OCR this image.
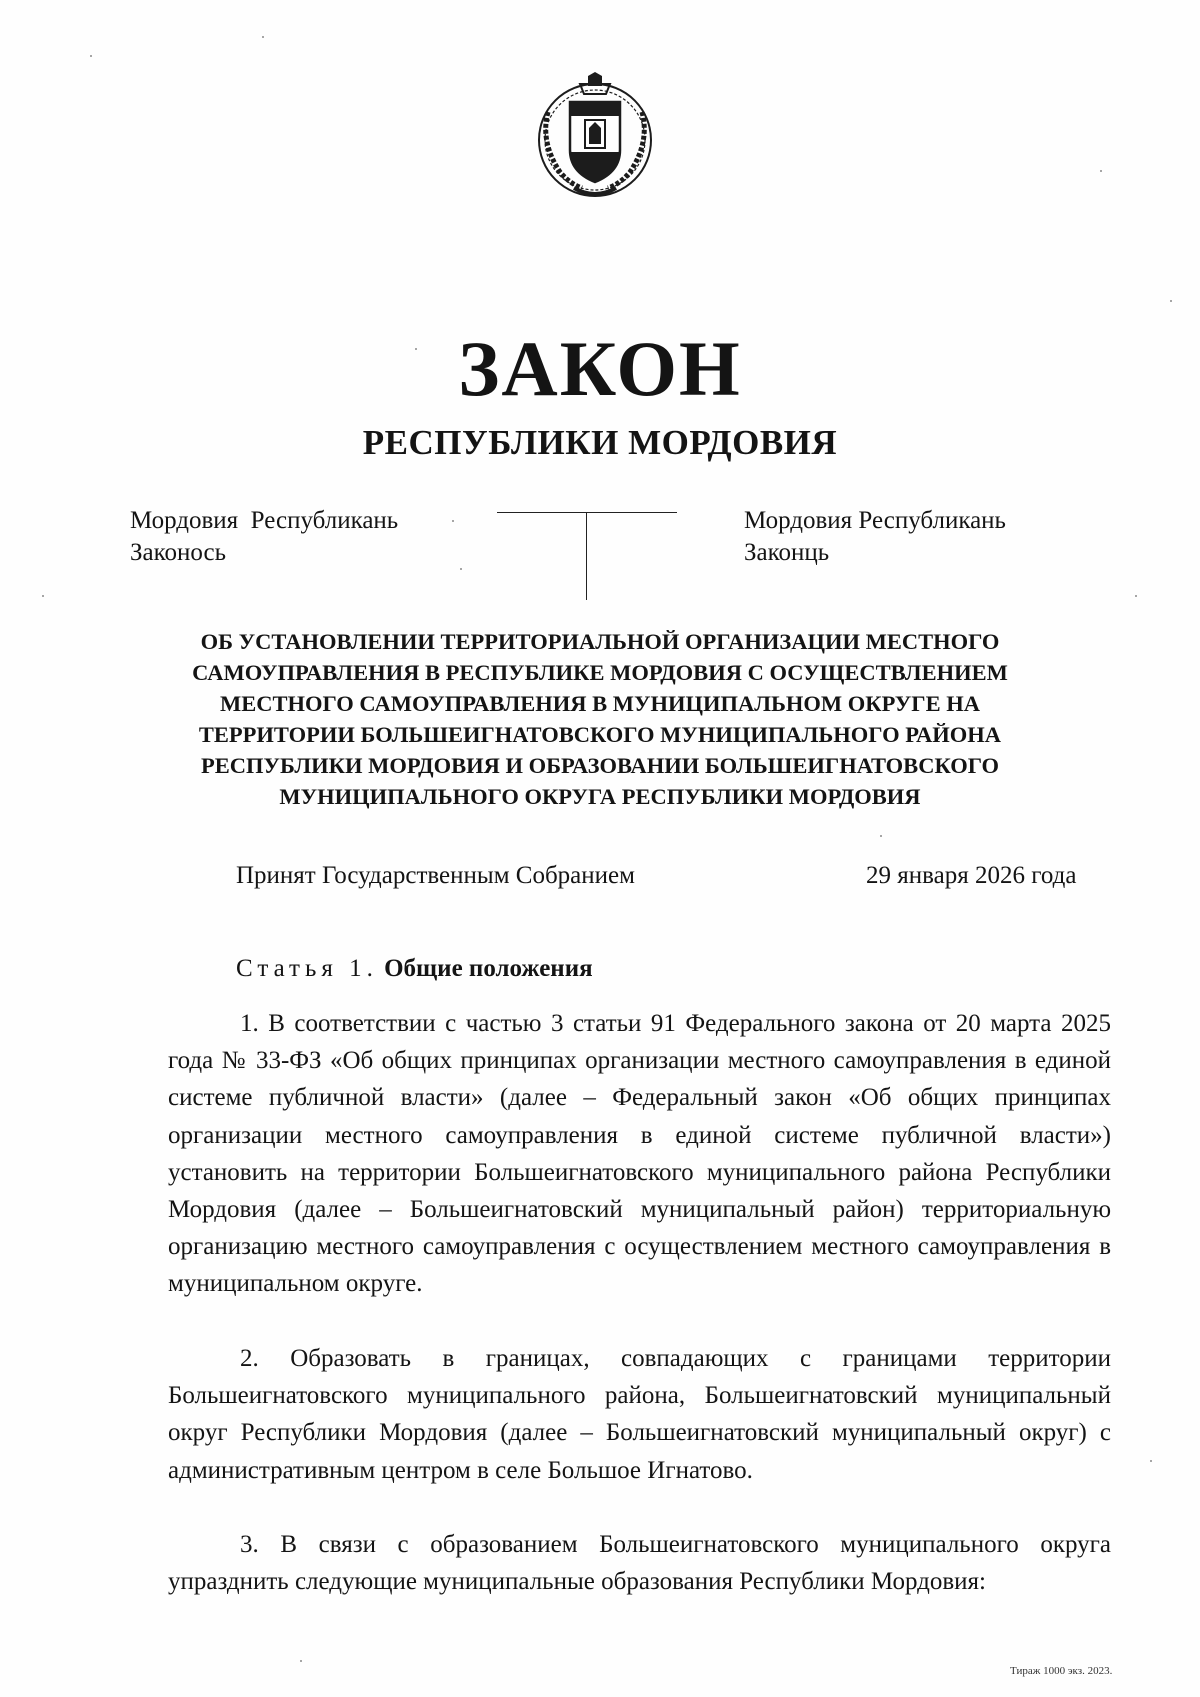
ЗАКОН
РЕСПУБЛИКИ МОРДОВИЯ
Мордовия  Республикань
Законось
Мордовия Республикань
Законць
ОБ УСТАНОВЛЕНИИ ТЕРРИТОРИАЛЬНОЙ ОРГАНИЗАЦИИ МЕСТНОГО
САМОУПРАВЛЕНИЯ В РЕСПУБЛИКЕ МОРДОВИЯ С ОСУЩЕСТВЛЕНИЕМ
МЕСТНОГО САМОУПРАВЛЕНИЯ В МУНИЦИПАЛЬНОМ ОКРУГЕ НА
ТЕРРИТОРИИ БОЛЬШЕИГНАТОВСКОГО МУНИЦИПАЛЬНОГО РАЙОНА
РЕСПУБЛИКИ МОРДОВИЯ И ОБРАЗОВАНИИ БОЛЬШЕИГНАТОВСКОГО
МУНИЦИПАЛЬНОГО ОКРУГА РЕСПУБЛИКИ МОРДОВИЯ
Принят Государственным Собранием	29 января 2026 года
Статья 1. Общие положения

1. В соответствии с частью 3 статьи 91 Федерального закона от 20 марта 2025 года № 33-ФЗ «Об общих принципах организации местного самоуправления в единой системе публичной власти» (далее – Федеральный закон «Об общих принципах организации местного самоуправления в единой системе публичной власти») установить на территории Большеигнатовского муниципального района Республики Мордовия (далее – Большеигнатовский муниципальный район) территориальную организацию местного самоуправления с осуществлением местного самоуправления в муниципальном округе.

2. Образовать в границах, совпадающих с границами территории Большеигнатовского муниципального района, Большеигнатовский муниципальный округ Республики Мордовия (далее – Большеигнатовский муниципальный округ) с административным центром в селе Большое Игнатово.

3. В связи с образованием Большеигнатовского муниципального округа упразднить следующие муниципальные образования Республики Мордовия:

Тираж 1000 экз. 2023.
